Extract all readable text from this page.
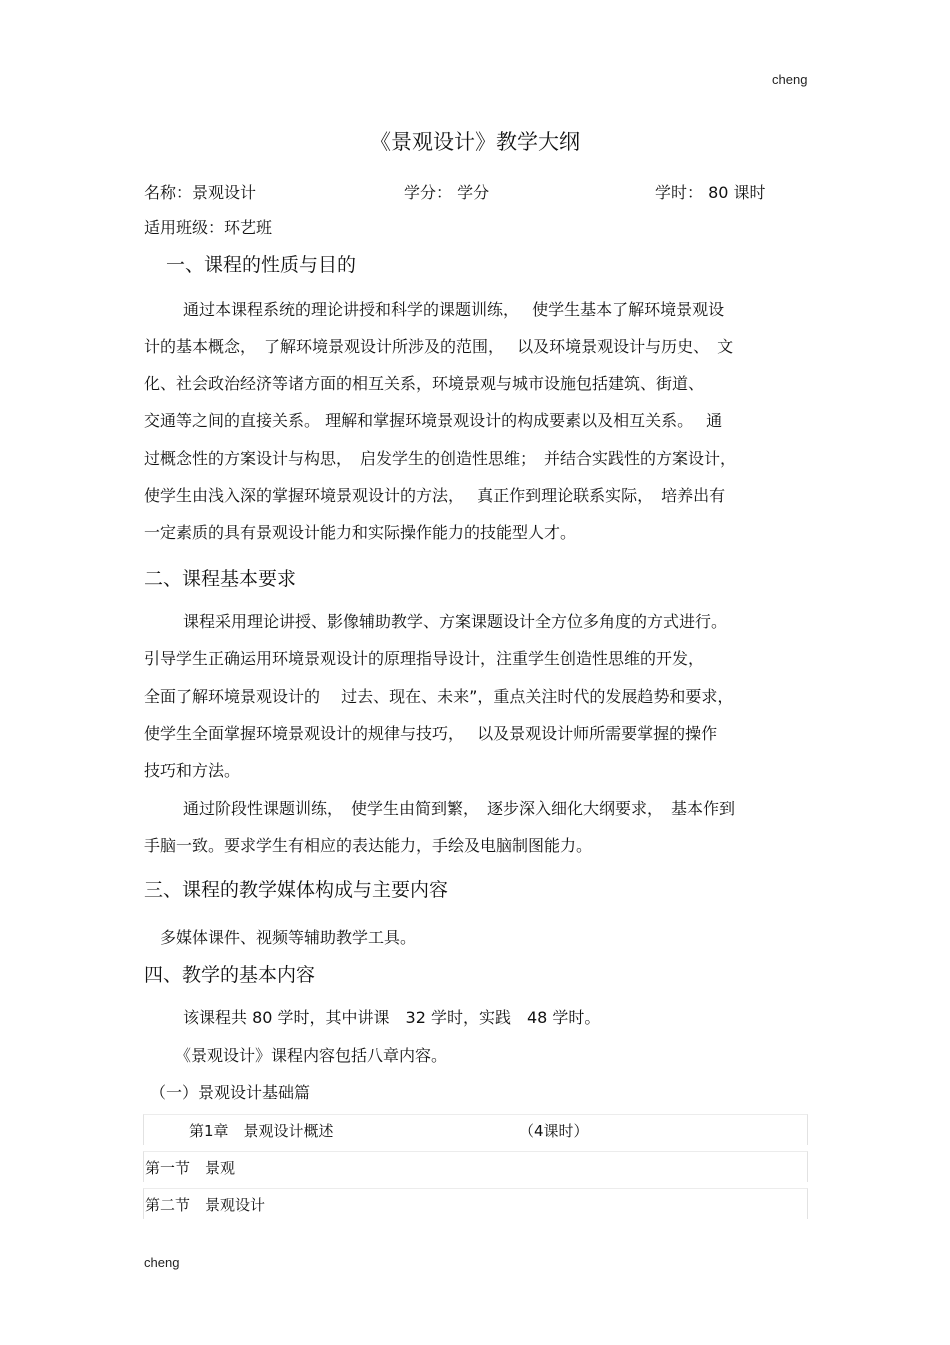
cheng
《景观设计》教学大纲
名称：景观设计	学分： 学分	学时： 80 课时
适用班级：环艺班
一、课程的性质与目的
通过本课程系统的理论讲授和科学的课题训练，　 使学生基本了解环境景观设
计的基本概念，　了解环境景观设计所涉及的范围，　 以及环境景观设计与历史、　文
化、社会政治经济等诸方面的相互关系，环境景观与城市设施包括建筑、街道、
交通等之间的直接关系。 理解和掌握环境景观设计的构成要素以及相互关系。　 通
过概念性的方案设计与构思，　启发学生的创造性思维；　并结合实践性的方案设计，
使学生由浅入深的掌握环境景观设计的方法，　 真正作到理论联系实际，　培养出有
一定素质的具有景观设计能力和实际操作能力的技能型人才。
二、课程基本要求
课程采用理论讲授、影像辅助教学、方案课题设计全方位多角度的方式进行。
引导学生正确运用环境景观设计的原理指导设计，注重学生创造性思维的开发，
全面了解环境景观设计的　 过去、现在、未来”，重点关注时代的发展趋势和要求，
使学生全面掌握环境景观设计的规律与技巧，　 以及景观设计师所需要掌握的操作
技巧和方法。
通过阶段性课题训练，　使学生由简到繁，　逐步深入细化大纲要求，　基本作到
手脑一致。要求学生有相应的表达能力，手绘及电脑制图能力。
三、课程的教学媒体构成与主要内容
多媒体课件、视频等辅助教学工具。
四、教学的基本内容
该课程共 80 学时，其中讲课　32 学时，实践　48 学时。
《景观设计》课程内容包括八章内容。
（一）景观设计基础篇
第1章　景观设计概述	（4课时）
第一节　景观
第二节　景观设计
cheng
